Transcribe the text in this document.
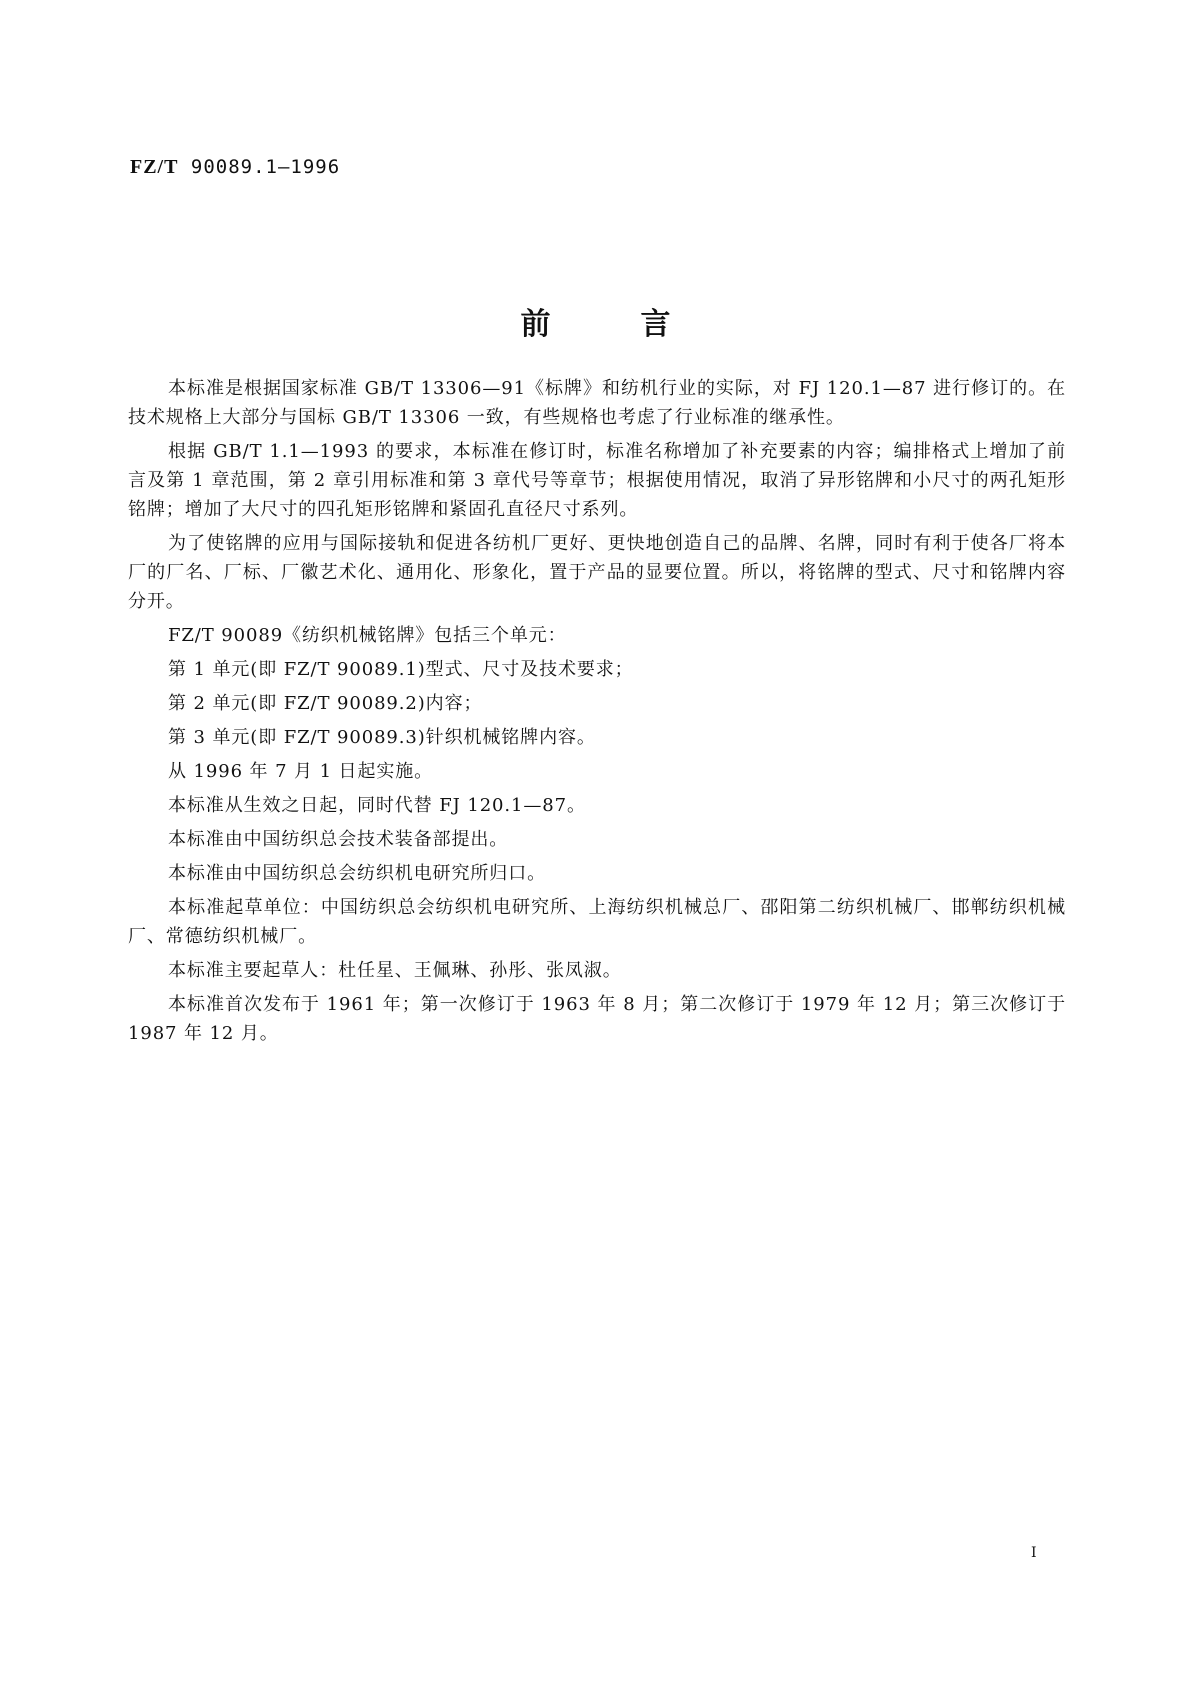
FZ/T 90089.1—1996
前言

本标准是根据国家标准 GB/T 13306—91《标牌》和纺机行业的实际，对 FJ 120.1—87 进行修订的。在技术规格上大部分与国标 GB/T 13306 一致，有些规格也考虑了行业标准的继承性。

根据 GB/T 1.1—1993 的要求，本标准在修订时，标准名称增加了补充要素的内容；编排格式上增加了前言及第 1 章范围，第 2 章引用标准和第 3 章代号等章节；根据使用情况，取消了异形铭牌和小尺寸的两孔矩形铭牌；增加了大尺寸的四孔矩形铭牌和紧固孔直径尺寸系列。

为了使铭牌的应用与国际接轨和促进各纺机厂更好、更快地创造自己的品牌、名牌，同时有利于使各厂将本厂的厂名、厂标、厂徽艺术化、通用化、形象化，置于产品的显要位置。所以，将铭牌的型式、尺寸和铭牌内容分开。

FZ/T 90089《纺织机械铭牌》包括三个单元：

第 1 单元(即 FZ/T 90089.1)型式、尺寸及技术要求；

第 2 单元(即 FZ/T 90089.2)内容；

第 3 单元(即 FZ/T 90089.3)针织机械铭牌内容。

从 1996 年 7 月 1 日起实施。

本标准从生效之日起，同时代替 FJ 120.1—87。

本标准由中国纺织总会技术装备部提出。

本标准由中国纺织总会纺织机电研究所归口。

本标准起草单位：中国纺织总会纺织机电研究所、上海纺织机械总厂、邵阳第二纺织机械厂、邯郸纺织机械厂、常德纺织机械厂。

本标准主要起草人：杜任星、王佩琳、孙彤、张凤淑。

本标准首次发布于 1961 年；第一次修订于 1963 年 8 月；第二次修订于 1979 年 12 月；第三次修订于 1987 年 12 月。

I
